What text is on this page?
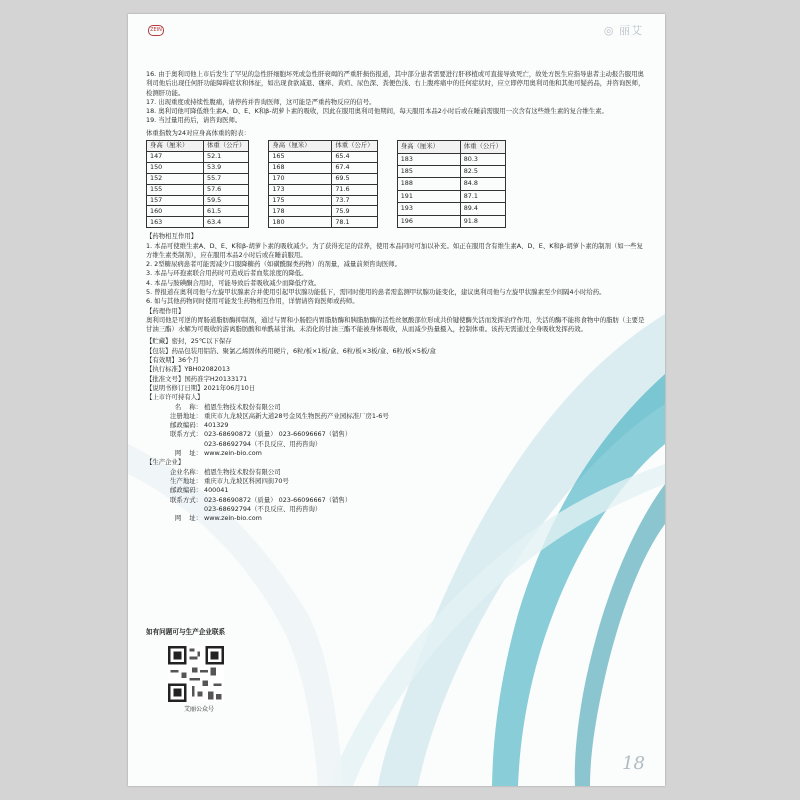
ZEIN	◎ 丽艾

16. 由于奥利司他上市后发生了罕见的急性肝细胞坏死或急性肝衰竭的严重肝损伤报道，其中部分患者需要进行肝移植或可直接导致死亡，故处方医生应指导患者主动报告服用奥利司他后出现任何肝功能障碍症状和体征，如出现食欲减退、瘙痒、黄疸、尿色深、粪便色浅、右上腹疼痛中的任何症状时，应立即停用奥利司他和其他可疑药品，并咨询医师，检测肝功能。

17. 出现重度或持续性腹痛，请停药并咨询医师，这可能是严重药物反应的信号。

18. 奥利司他可降低维生素A、D、E、K和β-胡萝卜素的吸收，因此在服用奥利司他期间，每天服用本品2小时后或在睡前需服用一次含有这些维生素的复合维生素。

19. 当过量用药后，请咨询医师。

体重指数为24对应身高体重的附表：

身高（厘米）	体重（公斤）
147	52.1
150	53.9
152	55.7
155	57.6
157	59.5
160	61.5
163	63.4
身高（厘米）	体重（公斤）
165	65.4
168	67.4
170	69.5
173	71.6
175	73.7
178	75.9
180	78.1
身高（厘米）	体重（公斤）
183	80.3
185	82.5
188	84.8
191	87.1
193	89.4
196	91.8

【药物相互作用】

1. 本品可使维生素A、D、E、K和β-胡萝卜素的吸收减少。为了获得充足的营养，使用本品同时可加以补充。如正在服用含有维生素A、D、E、K和β-胡萝卜素的制剂（如一些复方维生素类制剂），应在服用本品2小时后或在睡前服用。

2. 2型糖尿病患者可能需减少口服降糖药（如磺酰脲类药物）的剂量，减量前须咨询医师。

3. 本品与环孢素联合用药时可造成后者血浆浓度的降低。

4. 本品与胺碘酮合用时，可能导致后者吸收减少而降低疗效。

5. 曾报道在奥利司他与左旋甲状腺素合并使用引起甲状腺功能低下，需同时使用的患者需监测甲状腺功能变化，建议奥利司他与左旋甲状腺素至少间隔4小时给药。

6. 如与其他药物同时使用可能发生药物相互作用，详情请咨询医师或药师。

【药理作用】

奥利司他是可逆的胃肠道脂肪酶抑制剂，通过与胃和小肠腔内胃脂肪酶和胰脂肪酶的活性丝氨酸部位形成共价键使酶失活而发挥治疗作用，失活的酶不能将食物中的脂肪（主要是甘油三酯）水解为可吸收的游离脂肪酸和单酰基甘油。未消化的甘油三酯不能被身体吸收，从而减少热量摄入，控制体重。该药无需通过全身吸收发挥药效。

【贮藏】密封，25℃以下保存

【包装】药品包装用铝箔、聚氯乙烯固体药用硬片，6粒/板×1板/盒、6粒/板×3板/盒、6粒/板×5板/盒

【有效期】36个月

【执行标准】YBH02082013

【批准文号】国药准字H20133171

【说明书修订日期】2021年06月10日

【上市许可持有人】

名    称： 植恩生物技术股份有限公司
注册地址： 重庆市九龙坡区高新大道28号金凤生物医药产业园标准厂房1-6号
邮政编码： 401329
联系方式： 023-68690872（质量） 023-66096667（销售）
023-68692794（不良反应、用药咨询）
网    址： www.zein-bio.com

【生产企业】

企业名称： 植恩生物技术股份有限公司
生产地址： 重庆市九龙坡区科园四街70号
邮政编码： 400041
联系方式： 023-68690872（质量） 023-66096667（销售）
023-68692794（不良反应、用药咨询）
网    址： www.zein-bio.com
如有问题可与生产企业联系
艾丽公众号
18
